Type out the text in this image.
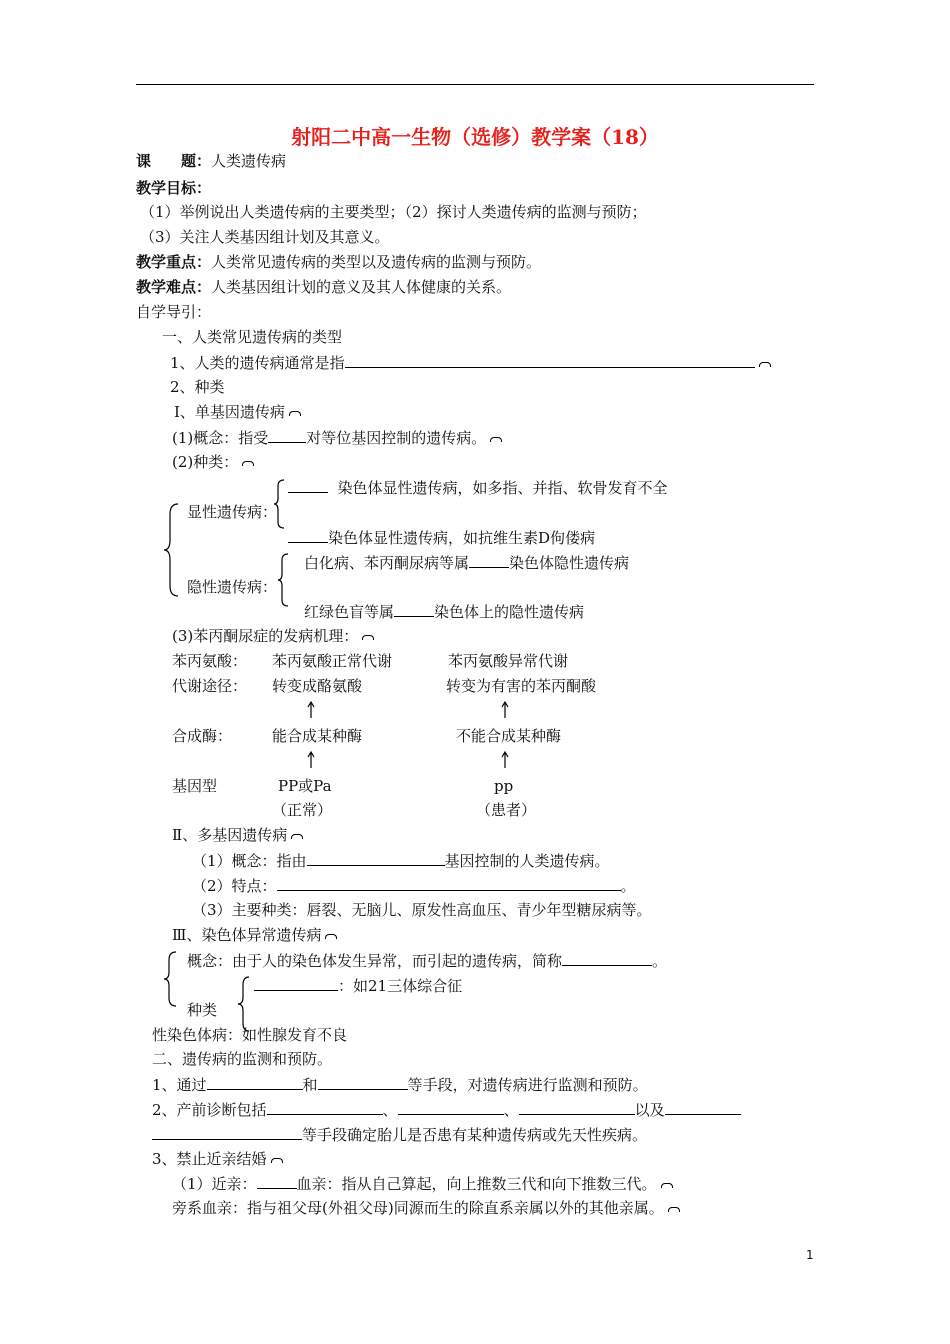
射阳二中高一生物（选修）教学案（18）
课　　题：人类遗传病
教学目标：
（1）举例说出人类遗传病的主要类型；（2）探讨人类遗传病的监测与预防；
（3）关注人类基因组计划及其意义。
教学重点：人类常见遗传病的类型以及遗传病的监测与预防。
教学难点：人类基因组计划的意义及其人体健康的关系。
自学导引：
一、人类常见遗传病的类型
1、人类的遗传病通常是指
2、种类
Ⅰ、单基因遗传病
(1)概念：指受	对等位基因控制的遗传病。
(2)种类：
染色体显性遗传病，如多指、并指、软骨发育不全
显性遗传病：
染色体显性遗传病，如抗维生素D佝偻病
白化病、苯丙酮尿病等属	染色体隐性遗传病
隐性遗传病：
红绿色盲等属	染色体上的隐性遗传病
(3)苯丙酮尿症的发病机理：
苯丙氨酸： 苯丙氨酸正常代谢	苯丙氨酸异常代谢
代谢途径： 转变成酪氨酸	转变为有害的苯丙酮酸
合成酶：	能合成某种酶	不能合成某种酶
基因型	PP或Pa	pp
（正常）	（患者）
Ⅱ、多基因遗传病
（1）概念：指由	基因控制的人类遗传病。
（2）特点：	。
（3）主要种类：唇裂、无脑儿、原发性高血压、青少年型糖尿病等。
Ⅲ、染色体异常遗传病
概念：由于人的染色体发生异常，而引起的遗传病，简称	。
：如21三体综合征
种类
性染色体病：如性腺发育不良
二、遗传病的监测和预防。
1、通过	和	等手段，对遗传病进行监测和预防。
2、产前诊断包括	、	、	以及
等手段确定胎儿是否患有某种遗传病或先天性疾病。
3、禁止近亲结婚
（1）近亲：	血亲：指从自己算起，向上推数三代和向下推数三代。
旁系血亲：指与祖父母(外祖父母)同源而生的除直系亲属以外的其他亲属。
1
